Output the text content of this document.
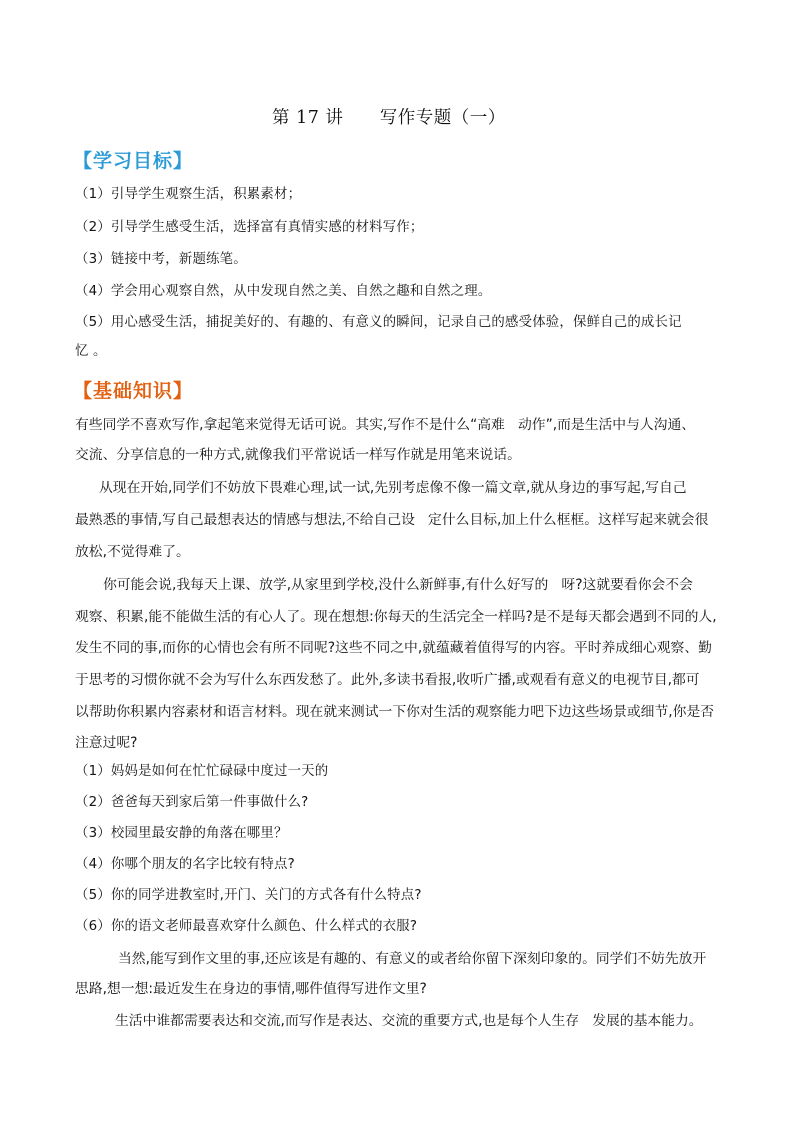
第 17 讲      写作专题（一）
【学习目标】
（1）引导学生观察生活，积累素材；
（2）引导学生感受生活，选择富有真情实感的材料写作；
（3）链接中考，新题练笔。
（4）学会用心观察自然，从中发现自然之美、自然之趣和自然之理。
（5）用心感受生活，捕捉美好的、有趣的、有意义的瞬间，记录自己的感受体验，保鲜自己的成长记
忆 。
【基础知识】
有些同学不喜欢写作,拿起笔来觉得无话可说。其实,写作不是什么“高难   动作”,而是生活中与人沟通、
交流、分享信息的一种方式,就像我们平常说话一样写作就是用笔来说话。
从现在开始,同学们不妨放下畏难心理,试一试,先别考虑像不像一篇文章,就从身边的事写起,写自己
最熟悉的事情,写自己最想表达的情感与想法,不给自己设   定什么目标,加上什么框框。这样写起来就会很
放松,不觉得难了。
你可能会说,我每天上课、放学,从家里到学校,没什么新鲜事,有什么好写的   呀?这就要看你会不会
观察、积累,能不能做生活的有心人了。现在想想:你每天的生活完全一样吗?是不是每天都会遇到不同的人,
发生不同的事,而你的心情也会有所不同呢?这些不同之中,就蕴藏着值得写的内容。平时养成细心观察、勤
于思考的习惯你就不会为写什么东西发愁了。此外,多读书看报,收听广播,或观看有意义的电视节目,都可
以帮助你积累内容素材和语言材料。现在就来测试一下你对生活的观察能力吧下边这些场景或细节,你是否
注意过呢?
（1）妈妈是如何在忙忙碌碌中度过一天的
（2）爸爸每天到家后第一件事做什么?
（3）校园里最安静的角落在哪里？
（4）你哪个朋友的名字比较有特点?
（5）你的同学进教室时,开门、关门的方式各有什么特点?
（6）你的语文老师最喜欢穿什么颜色、什么样式的衣服?
当然,能写到作文里的事,还应该是有趣的、有意义的或者给你留下深刻印象的。同学们不妨先放开
思路,想一想:最近发生在身边的事情,哪件值得写进作文里?
生活中谁都需要表达和交流,而写作是表达、交流的重要方式,也是每个人生存   发展的基本能力。
